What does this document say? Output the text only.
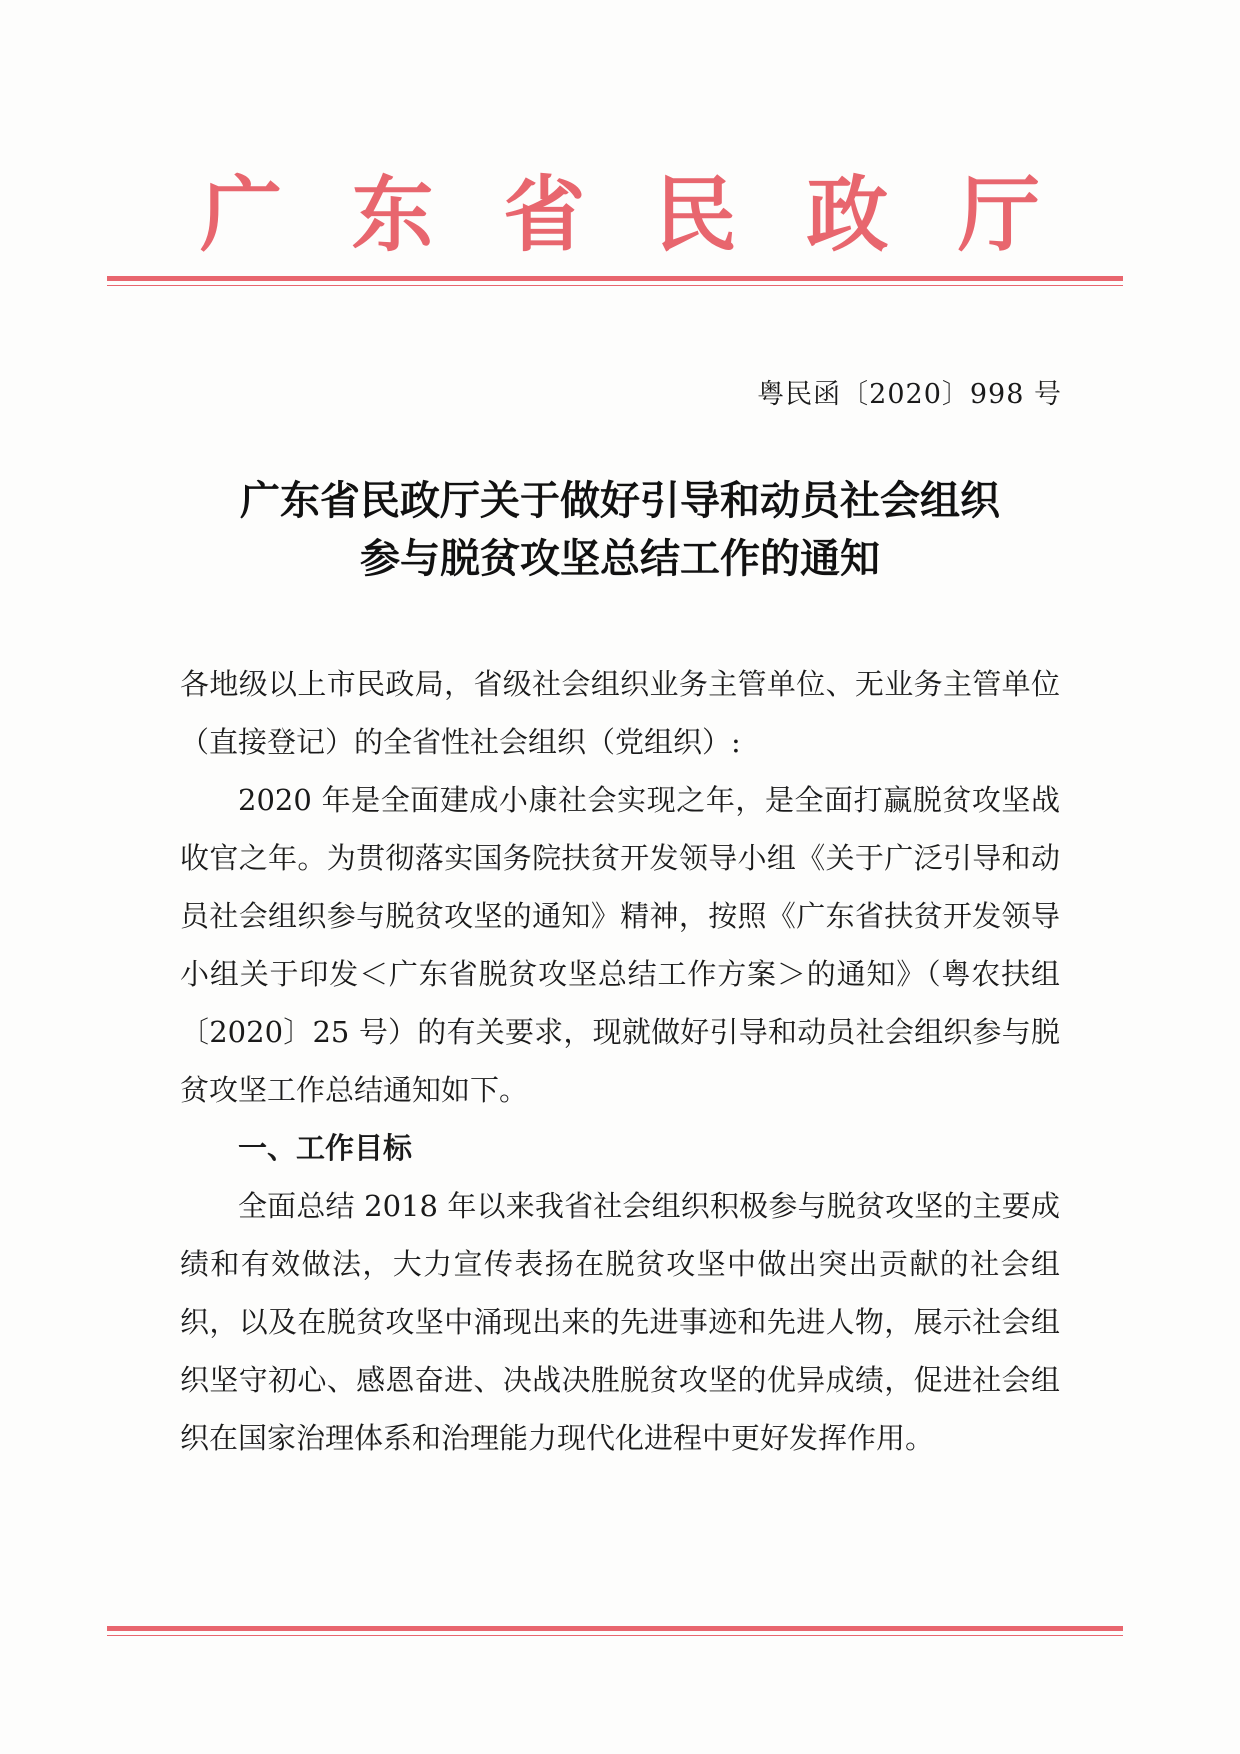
广 东 省 民 政 厅
粤民函〔2020〕998 号
广东省民政厅关于做好引导和动员社会组织
参与脱贫攻坚总结工作的通知

各地级以上市民政局，省级社会组织业务主管单位、无业务主管单位（直接登记）的全省性社会组织（党组织）:

2020 年是全面建成小康社会实现之年，是全面打赢脱贫攻坚战收官之年。为贯彻落实国务院扶贫开发领导小组《关于广泛引导和动员社会组织参与脱贫攻坚的通知》精神，按照《广东省扶贫开发领导小组关于印发＜广东省脱贫攻坚总结工作方案＞的通知》（粤农扶组〔2020〕25 号）的有关要求，现就做好引导和动员社会组织参与脱贫攻坚工作总结通知如下。

一、工作目标

全面总结 2018 年以来我省社会组织积极参与脱贫攻坚的主要成绩和有效做法，大力宣传表扬在脱贫攻坚中做出突出贡献的社会组织，以及在脱贫攻坚中涌现出来的先进事迹和先进人物，展示社会组织坚守初心、感恩奋进、决战决胜脱贫攻坚的优异成绩，促进社会组织在国家治理体系和治理能力现代化进程中更好发挥作用。
